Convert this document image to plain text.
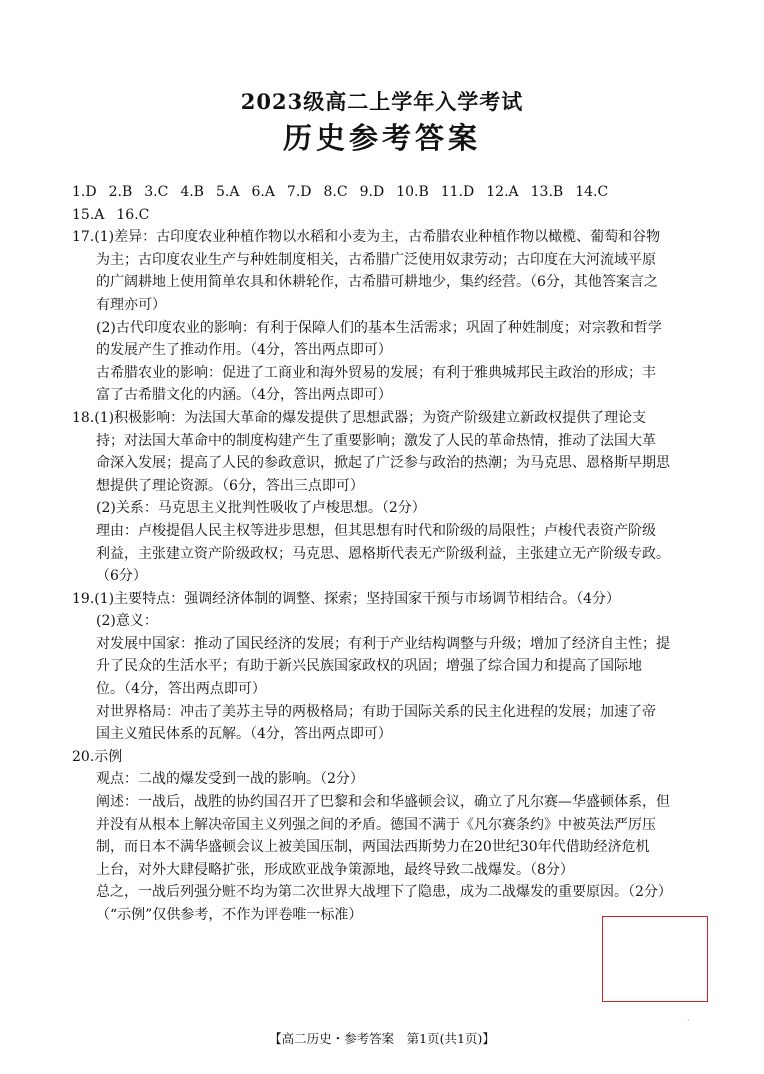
2023级高二上学年入学考试
历史参考答案
1.D 2.B 3.C 4.B 5.A 6.A 7.D 8.C 9.D 10.B 11.D 12.A 13.B 14.C
15.A 16.C
17.(1)差异：古印度农业种植作物以水稻和小麦为主，古希腊农业种植作物以橄榄、葡萄和谷物
为主；古印度农业生产与种姓制度相关，古希腊广泛使用奴隶劳动；古印度在大河流域平原
的广阔耕地上使用简单农具和休耕轮作，古希腊可耕地少，集约经营。（6分，其他答案言之
有理亦可）
(2)古代印度农业的影响：有利于保障人们的基本生活需求；巩固了种姓制度；对宗教和哲学
的发展产生了推动作用。（4分，答出两点即可）
古希腊农业的影响：促进了工商业和海外贸易的发展；有利于雅典城邦民主政治的形成；丰
富了古希腊文化的内涵。（4分，答出两点即可）
18.(1)积极影响：为法国大革命的爆发提供了思想武器；为资产阶级建立新政权提供了理论支
持；对法国大革命中的制度构建产生了重要影响；激发了人民的革命热情，推动了法国大革
命深入发展；提高了人民的参政意识，掀起了广泛参与政治的热潮；为马克思、恩格斯早期思
想提供了理论资源。（6分，答出三点即可）
(2)关系：马克思主义批判性吸收了卢梭思想。（2分）
理由：卢梭提倡人民主权等进步思想，但其思想有时代和阶级的局限性；卢梭代表资产阶级
利益，主张建立资产阶级政权；马克思、恩格斯代表无产阶级利益，主张建立无产阶级专政。
（6分）
19.(1)主要特点：强调经济体制的调整、探索；坚持国家干预与市场调节相结合。（4分）
(2)意义：
对发展中国家：推动了国民经济的发展；有利于产业结构调整与升级；增加了经济自主性；提
升了民众的生活水平；有助于新兴民族国家政权的巩固；增强了综合国力和提高了国际地
位。（4分，答出两点即可）
对世界格局：冲击了美苏主导的两极格局；有助于国际关系的民主化进程的发展；加速了帝
国主义殖民体系的瓦解。（4分，答出两点即可）
20.示例
观点：二战的爆发受到一战的影响。（2分）
阐述：一战后，战胜的协约国召开了巴黎和会和华盛顿会议，确立了凡尔赛—华盛顿体系，但
并没有从根本上解决帝国主义列强之间的矛盾。德国不满于《凡尔赛条约》中被英法严厉压
制，而日本不满华盛顿会议上被美国压制，两国法西斯势力在20世纪30年代借助经济危机
上台，对外大肆侵略扩张，形成欧亚战争策源地，最终导致二战爆发。（8分）
总之，一战后列强分赃不均为第二次世界大战埋下了隐患，成为二战爆发的重要原因。（2分）
（“示例”仅供参考，不作为评卷唯一标准）
·
【高二历史・参考答案　第1页(共1页)】
